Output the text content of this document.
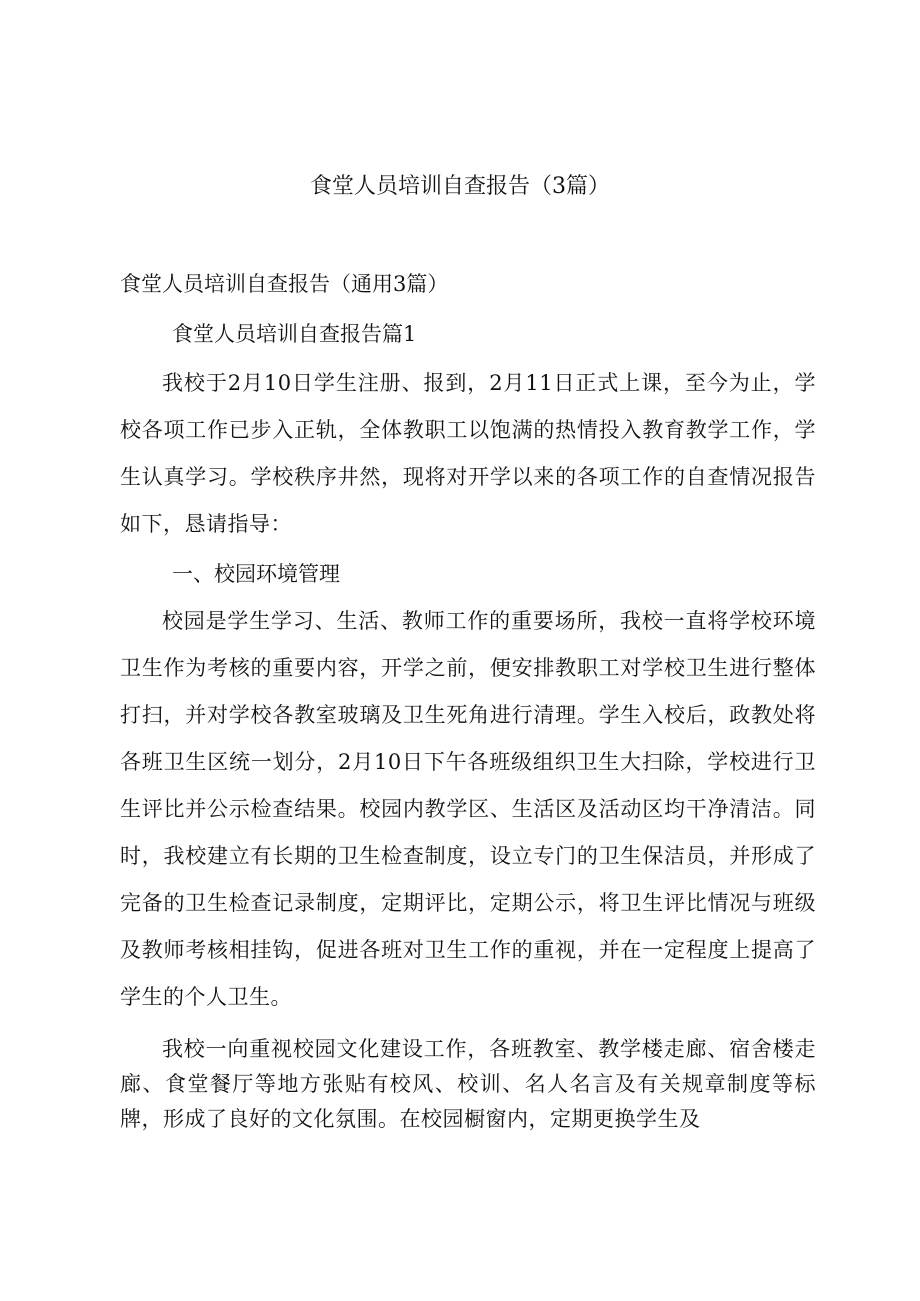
食堂人员培训自查报告（3篇）

食堂人员培训自查报告（通用3篇）

食堂人员培训自查报告篇1

我校于2月10日学生注册、报到，2月11日正式上课，至今为止，学校各项工作已步入正轨，全体教职工以饱满的热情投入教育教学工作，学生认真学习。学校秩序井然，现将对开学以来的各项工作的自查情况报告如下，恳请指导：

一、校园环境管理

校园是学生学习、生活、教师工作的重要场所，我校一直将学校环境卫生作为考核的重要内容，开学之前，便安排教职工对学校卫生进行整体打扫，并对学校各教室玻璃及卫生死角进行清理。学生入校后，政教处将各班卫生区统一划分，2月10日下午各班级组织卫生大扫除，学校进行卫生评比并公示检查结果。校园内教学区、生活区及活动区均干净清洁。同时，我校建立有长期的卫生检查制度，设立专门的卫生保洁员，并形成了完备的卫生检查记录制度，定期评比，定期公示，将卫生评比情况与班级及教师考核相挂钩，促进各班对卫生工作的重视，并在一定程度上提高了学生的个人卫生。

我校一向重视校园文化建设工作，各班教室、教学楼走廊、宿舍楼走廊、食堂餐厅等地方张贴有校风、校训、名人名言及有关规章制度等标牌，形成了良好的文化氛围。在校园橱窗内，定期更换学生及
